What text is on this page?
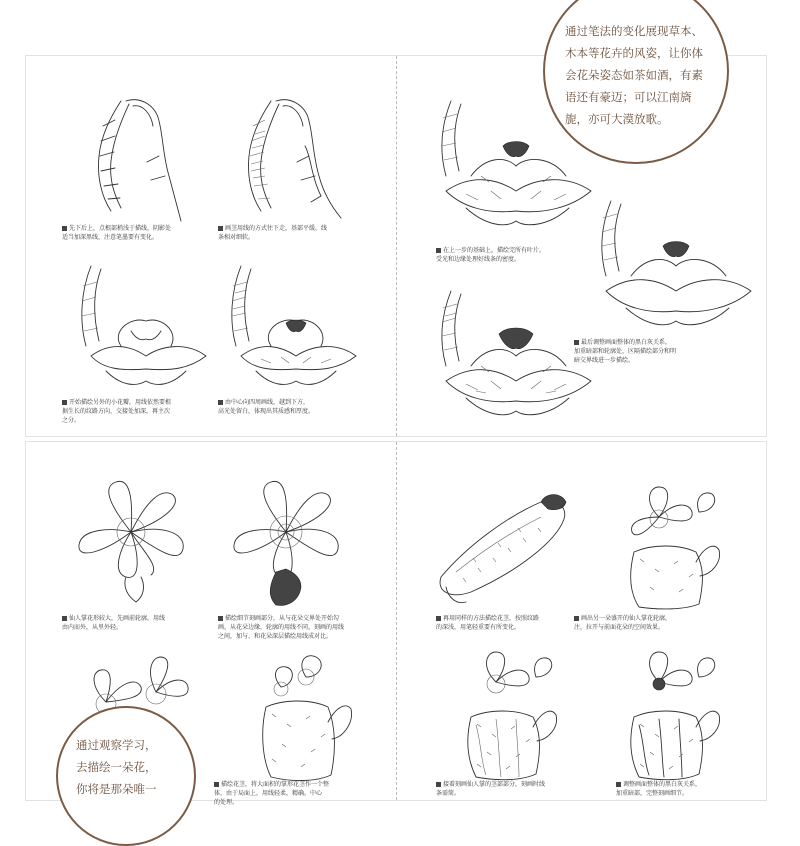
先下后上，点根部稍浅于描线，阴影处
适当加深黑线，注意笔墨要有变化。
画茎用线的方式往下走，基部平缓，线
条相对细软。
开始描绘另外的小花瓣，用线依然要根
据生长的纹路方向，交接处加深，再主次
之分。
由中心向四周画线，越到下方，
高光处留白，体现出其质感和厚度。
在上一步的基础上，描绘完所有叶片，
受光和边缘处理好线条的密度。
最后调整画面整体的黑白灰关系，
加重暗部和轮廓处，区隔描绘部分和明
暗交界线进一步描绘。
仙人掌花形较大，先画前轮廓，用线
由内而外，从里外轻。
描绘细节刻画部分，从与花朵交界处开始勾
画，从花朵边缘，轮廓的用线不同，刻画的用线
之间，加与、和花朵深层描绘用线成对比。
描绘花茎，将大面积的掌形花茎作一个整
体，由于局面上，用线轻柔，精确。中心
的处理。
再用同样的方法描绘花茎，按照纹路
的深浅，用笔轻重要有所变化。
画出另一朵盛开的仙人掌花轮廓，
注，拉开与前面花朵的空间效果。
接着刻画仙人掌的茎部部分，刻画时线
条需简。
调整画面整体的黑白灰关系，
加重暗部，完整刻画细节。
通过笔法的变化展现草本、
木本等花卉的风姿，让你体
会花朵姿态如茶如酒，有素
语还有豪迈；可以江南旖
旎，亦可大漠放歌。
通过观察学习，
去描绘一朵花，
你将是那朵唯一
